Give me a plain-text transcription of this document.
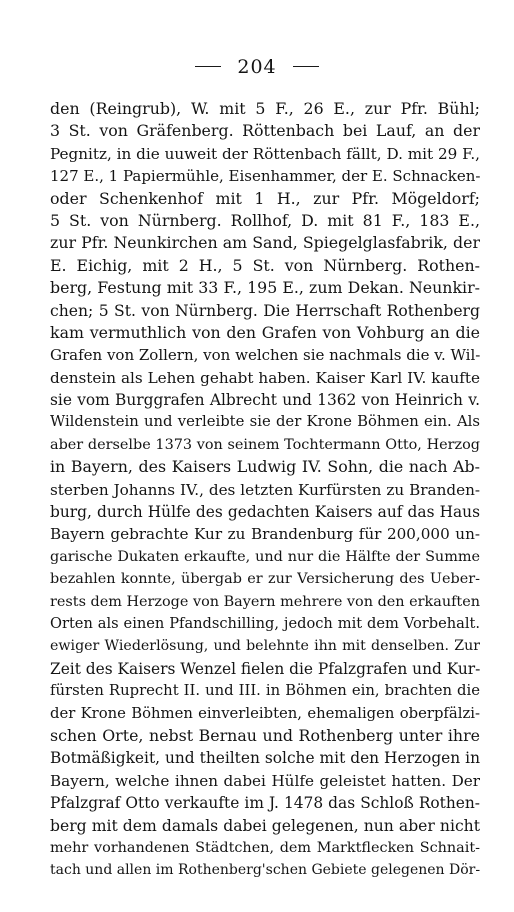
204
den (Reingrub), W. mit 5 F., 26 E., zur Pfr. Bühl;
3 St. von Gräfenberg. Röttenbach bei Lauf, an der
Pegnitz, in die uuweit der Röttenbach fällt, D. mit 29 F.,
127 E., 1 Papiermühle, Eisenhammer, der E. Schnacken-
oder Schenkenhof mit 1 H., zur Pfr. Mögeldorf;
5 St. von Nürnberg. Rollhof, D. mit 81 F., 183 E.,
zur Pfr. Neunkirchen am Sand, Spiegelglasfabrik, der
E. Eichig, mit 2 H., 5 St. von Nürnberg. Rothen-
berg, Festung mit 33 F., 195 E., zum Dekan. Neunkir-
chen; 5 St. von Nürnberg. Die Herrschaft Rothenberg
kam vermuthlich von den Grafen von Vohburg an die
Grafen von Zollern, von welchen sie nachmals die v. Wil-
denstein als Lehen gehabt haben. Kaiser Karl IV. kaufte
sie vom Burggrafen Albrecht und 1362 von Heinrich v.
Wildenstein und verleibte sie der Krone Böhmen ein. Als
aber derselbe 1373 von seinem Tochtermann Otto, Herzog
in Bayern, des Kaisers Ludwig IV. Sohn, die nach Ab-
sterben Johanns IV., des letzten Kurfürsten zu Branden-
burg, durch Hülfe des gedachten Kaisers auf das Haus
Bayern gebrachte Kur zu Brandenburg für 200,000 un-
garische Dukaten erkaufte, und nur die Hälfte der Summe
bezahlen konnte, übergab er zur Versicherung des Ueber-
rests dem Herzoge von Bayern mehrere von den erkauften
Orten als einen Pfandschilling, jedoch mit dem Vorbehalt.
ewiger Wiederlösung, und belehnte ihn mit denselben. Zur
Zeit des Kaisers Wenzel fielen die Pfalzgrafen und Kur-
fürsten Ruprecht II. und III. in Böhmen ein, brachten die
der Krone Böhmen einverleibten, ehemaligen oberpfälzi-
schen Orte, nebst Bernau und Rothenberg unter ihre
Botmäßigkeit, und theilten solche mit den Herzogen in
Bayern, welche ihnen dabei Hülfe geleistet hatten. Der
Pfalzgraf Otto verkaufte im J. 1478 das Schloß Rothen-
berg mit dem damals dabei gelegenen, nun aber nicht
mehr vorhandenen Städtchen, dem Marktflecken Schnait-
tach und allen im Rothenberg'schen Gebiete gelegenen Dör-
